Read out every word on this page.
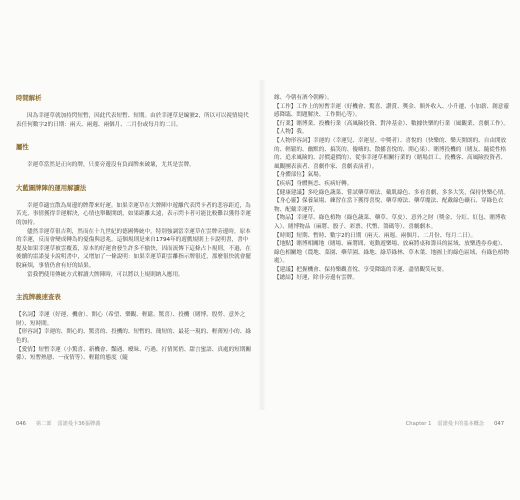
時間解析

因為幸運草就加持閃短暫，因此代表短暫、短期。由於幸運草是編號2，所以可以視情境代表任何數字2的日期：兩天、兩週、兩個月、二月份或每月的二日。

屬性

幸運草當然是正向的牌，只要旁邊沒有負面牌來破壞，尤其是雲牌。

大藍圖牌陣的運用解讀法

幸運草適宜散為周邊的牌帶來好運。如果幸運草在大牌陣中遊離代表閃卡者的悲容距近，為苦光，事情獲得幸運解決，心情也舉觀開朗，如果距離太遠，表示閃卡者可能比較難以獲得幸運的加持。

儘然幸運草很吉利，然而在十九世紀的德國傳統中，特別強調當幸運草在雲牌旁邊時，原本的幸運，反而會變成轉為的憂傷與惡兆，這個規則是來自1794年的遊戲規則上卡說明書，書中提及如果幸運草被雲覆蓋，原本的好運會發生許多不愉快，因而流傳下這條占卜規則，不過，在後續的雷諾曼卡說明書中，又增加了一條說明：如果幸運草距雲離指示牌很近，那麼很快就會擺脫麻煩，事情仍會有好的結果。

當我們使用傳統方式解讀大牌陣時，可以將以上規則納入應用。

主流牌義速查表

【名詞】幸運（好運、機會）、開心（希望、樂觀、輕鬆、驚喜）、投機（賭博、殷勞、意外之財）、短時間。

【形容詞】幸運的、開心的、驚喜的、投機的、短暫的、簡短的、最花一現的、輕薄短小的、綠色的。

【愛情】短暫幸運（小驚喜、新機會、豔遇、曖昧、巧遇、打情罵俏、甜言蜜語、真處的短期關係）、短暫熱戀、一夜情等）、輕鬆的態度（隨

緣、今朝有酒今朝醉）。

【工作】工作上的短暫幸運（好機會、驚喜、讚賞、獎金、額外收入、小升遷、小加薪、創意靈感降臨、問題解決、工作開心等）。

【行業】賭博業、投機行業（高風險投資、對沖基金）、數據快樂的行業（風觀業、喜劇工作）。

【人物】我。

【人物形容詞】幸運的（幸運兒、幸運星、中獎者）、喜悅的（快樂的、樂天開朗的、自由開放的、輕鬆的、幽默的、搞笑的、傻嗨的、散播喜悅的、開心果）、賭博投機的（賭友、隨從性格的、追求風險的、討價還價的）、從事幸運草相關行業的（賭場員工、投機客、高風險投資者、風觀團表演者、喜劇作家、喜劇表演者）。

【身體部位】氣場。

【疾病】身體無恙、疾病好轉。

【健康建議】多吃綠色蔬菜、嘗試藥草療法、戴肌綠色、多看喜劇、多多大笑，保持快樂心情。

【身心靈】保養氣場、練習在當下獲得喜悅、藥草療法、藥草魔法、配戴綠色礦石、穿綠色衣物、配戴幸運符。

【物品】幸運草、綠色植物（綠色蔬菜、藥草、草皮）、意外之財（獎金、分紅、紅包、賭博收入）、賭博物品（麻將、骰子、彩票、代幣、籌碼等）、喜劇劇本。

【時間】短期、暫時、數字2的日期（兩天、兩週、兩個月、二月份、每月二日）。

【地點】賭博相關地（賭場、麻將間、電動遊樂場、放麻將桌和籌具的區域、放樂透券券處）、綠色相關地（農地、菜園、藥草園、綠地、綠草綠林、草木葉、地圖上的綠色區域、有綠色植物處）。

【建議】把握機會、保持樂觀喜悅、享受降臨的幸運、盡情觀笑玩耍。

【總結】好運，除非旁邊有雲牌。

046 第二部 雷諾曼卡36張牌義	Chapter 1 雷諾曼卡的基本概念 047
